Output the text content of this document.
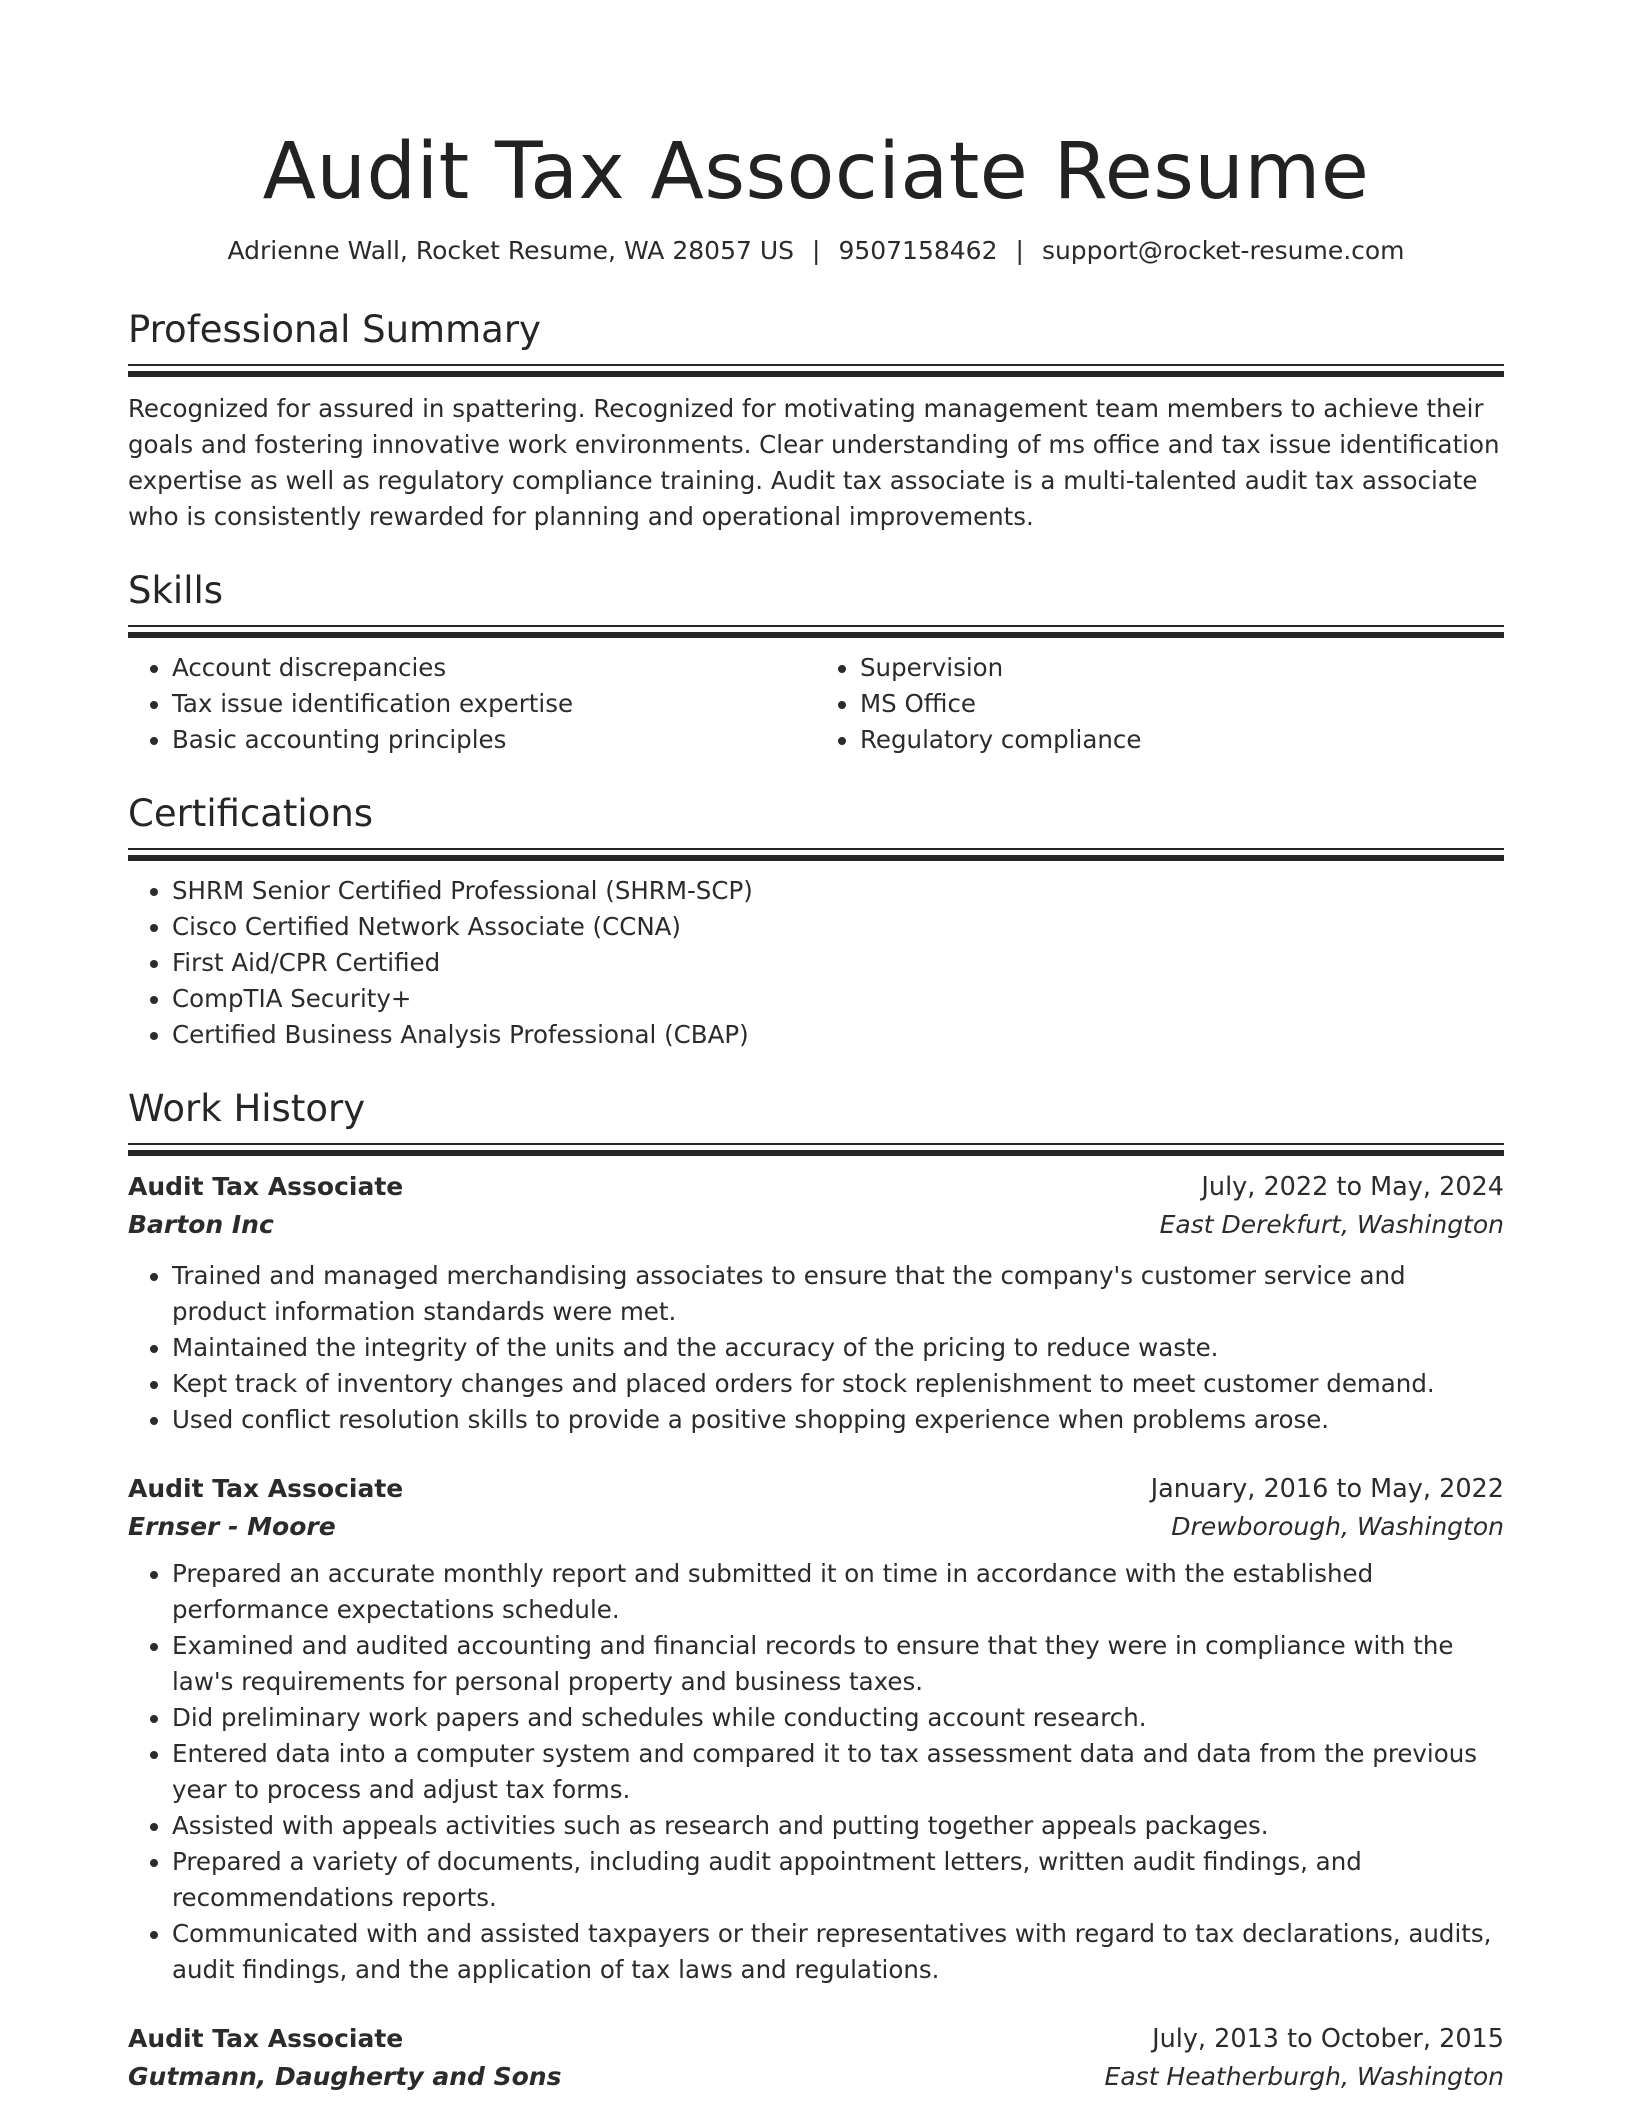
Audit Tax Associate Resume
Adrienne Wall, Rocket Resume, WA 28057 US | 9507158462 | support@rocket-resume.com
Professional Summary

Recognized for assured in spattering. Recognized for motivating management team members to achieve their goals and fostering innovative work environments. Clear understanding of ms office and tax issue identification expertise as well as regulatory compliance training. Audit tax associate is a multi-talented audit tax associate who is consistently rewarded for planning and operational improvements.

Skills
• Account discrepancies
• Tax issue identification expertise
• Basic accounting principles
• Supervision
• MS Office
• Regulatory compliance
Certifications
• SHRM Senior Certified Professional (SHRM-SCP)
• Cisco Certified Network Associate (CCNA)
• First Aid/CPR Certified
• CompTIA Security+
• Certified Business Analysis Professional (CBAP)
Work History
Audit Tax Associate	July, 2022 to May, 2024
Barton Inc	East Derekfurt, Washington
• Trained and managed merchandising associates to ensure that the company's customer service and product information standards were met.
• Maintained the integrity of the units and the accuracy of the pricing to reduce waste.
• Kept track of inventory changes and placed orders for stock replenishment to meet customer demand.
• Used conflict resolution skills to provide a positive shopping experience when problems arose.
Audit Tax Associate	January, 2016 to May, 2022
Ernser - Moore	Drewborough, Washington
• Prepared an accurate monthly report and submitted it on time in accordance with the established performance expectations schedule.
• Examined and audited accounting and financial records to ensure that they were in compliance with the law's requirements for personal property and business taxes.
• Did preliminary work papers and schedules while conducting account research.
• Entered data into a computer system and compared it to tax assessment data and data from the previous year to process and adjust tax forms.
• Assisted with appeals activities such as research and putting together appeals packages.
• Prepared a variety of documents, including audit appointment letters, written audit findings, and recommendations reports.
• Communicated with and assisted taxpayers or their representatives with regard to tax declarations, audits, audit findings, and the application of tax laws and regulations.
Audit Tax Associate	July, 2013 to October, 2015
Gutmann, Daugherty and Sons	East Heatherburgh, Washington
